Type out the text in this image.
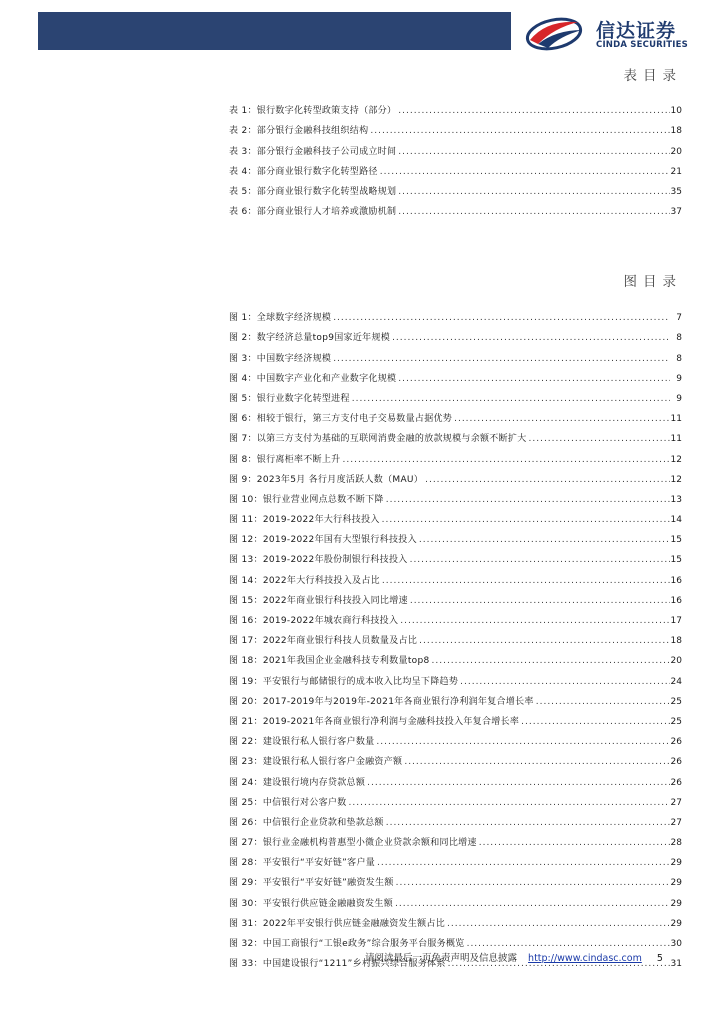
信达证券
CINDA SECURITIES
表目录
表 1：银行数字化转型政策支持（部分） .....	10
表 2：部分银行金融科技组织结构 .....	18
表 3：部分银行金融科技子公司成立时间 .....	20
表 4：部分商业银行数字化转型路径 .....	21
表 5：部分商业银行数字化转型战略规划 .....	35
表 6：部分商业银行人才培养或激励机制 .....	37
图目录
图 1：全球数字经济规模 .....	7
图 2：数字经济总量top9国家近年规模 .....	8
图 3：中国数字经济规模 .....	8
图 4：中国数字产业化和产业数字化规模 .....	9
图 5：银行业数字化转型进程 .....	9
图 6：相较于银行，第三方支付电子交易数量占据优势 .....	11
图 7：以第三方支付为基础的互联网消费金融的放款规模与余额不断扩大 .....	11
图 8：银行离柜率不断上升 .....	12
图 9：2023年5月 各行月度活跃人数（MAU） .....	12
图 10：银行业营业网点总数不断下降 .....	13
图 11：2019-2022年大行科技投入 .....	14
图 12：2019-2022年国有大型银行科技投入 .....	15
图 13：2019-2022年股份制银行科技投入 .....	15
图 14：2022年大行科技投入及占比 .....	16
图 15：2022年商业银行科技投入同比增速 .....	16
图 16：2019-2022年城农商行科技投入 .....	17
图 17：2022年商业银行科技人员数量及占比 .....	18
图 18：2021年我国企业金融科技专利数量top8 .....	20
图 19：平安银行与邮储银行的成本收入比均呈下降趋势 .....	24
图 20：2017-2019年与2019年-2021年各商业银行净利润年复合增长率 .....	25
图 21：2019-2021年各商业银行净利润与金融科技投入年复合增长率 .....	25
图 22：建设银行私人银行客户数量 .....	26
图 23：建设银行私人银行客户金融资产额 .....	26
图 24：建设银行境内存贷款总额 .....	26
图 25：中信银行对公客户数 .....	27
图 26：中信银行企业贷款和垫款总额 .....	27
图 27：银行业金融机构普惠型小微企业贷款余额和同比增速 .....	28
图 28：平安银行“平安好链”客户量 .....	29
图 29：平安银行“平安好链”融资发生额 .....	29
图 30：平安银行供应链金融融资发生额 .....	29
图 31：2022年平安银行供应链金融融资发生额占比 .....	29
图 32：中国工商银行“工银e政务”综合服务平台服务概览 .....	30
图 33：中国建设银行“1211”乡村振兴综合服务体系 .....	31
请阅读最后一页免责声明及信息披露 http://www.cindasc.com 5
